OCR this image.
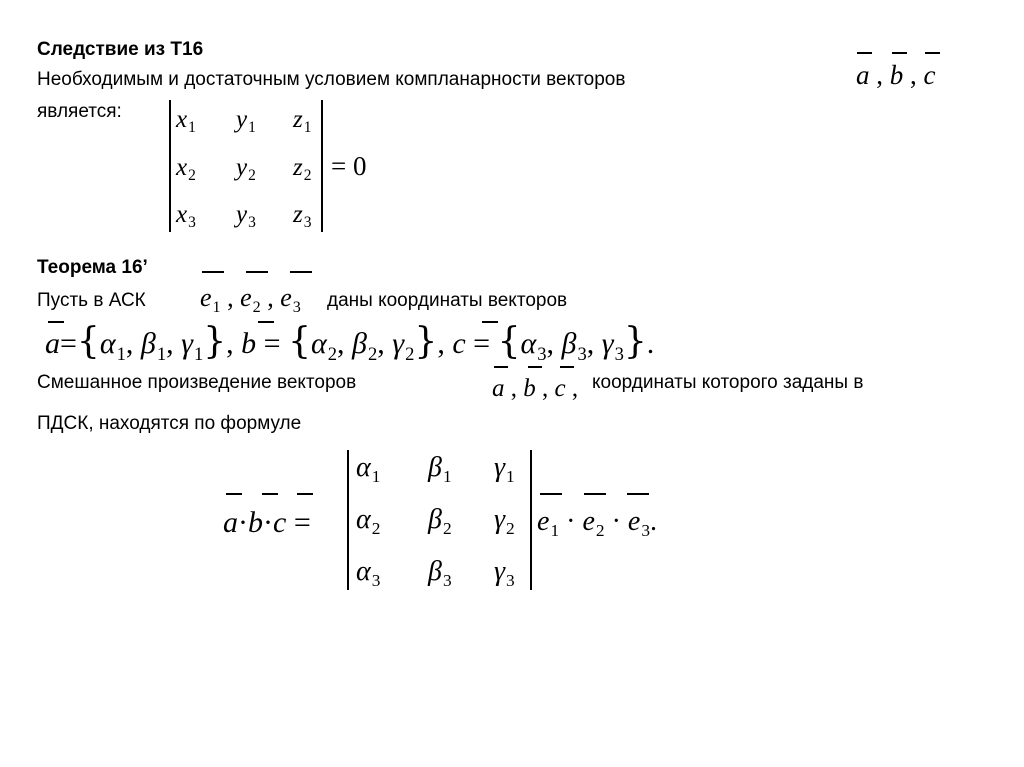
Следствие из Т16
Необходимым и достаточным условием компланарности векторов
является:
a , b , c
$x_1$ $y_1$ $z_1$
$x_2$ $y_2$ $z_2$
$x_3$ $y_3$ $z_3$
= 0
Теорема 16’
Пусть в АСК	даны координаты векторов
$e_1$ , $e_2$ , $e_3$
$a=\{\alpha_1$, $\beta_1$, $\gamma_1$}, $b = \{\alpha_2$, $\beta_2$, $\gamma_2$}, $c = \{\alpha_3$, $\beta_3$, $\gamma_3$}.
Смешанное произведение векторов	a , b , c , координаты которого заданы в
ПДСК, находятся по формуле
a·b·c =
$\alpha_1$ $\beta_1$ $\gamma_1$
$\alpha_2$ $\beta_2$ $\gamma_2$
$\alpha_3$ $\beta_3$ $\gamma_3$
$e_1 \cdot e_2 \cdot e_3$.
